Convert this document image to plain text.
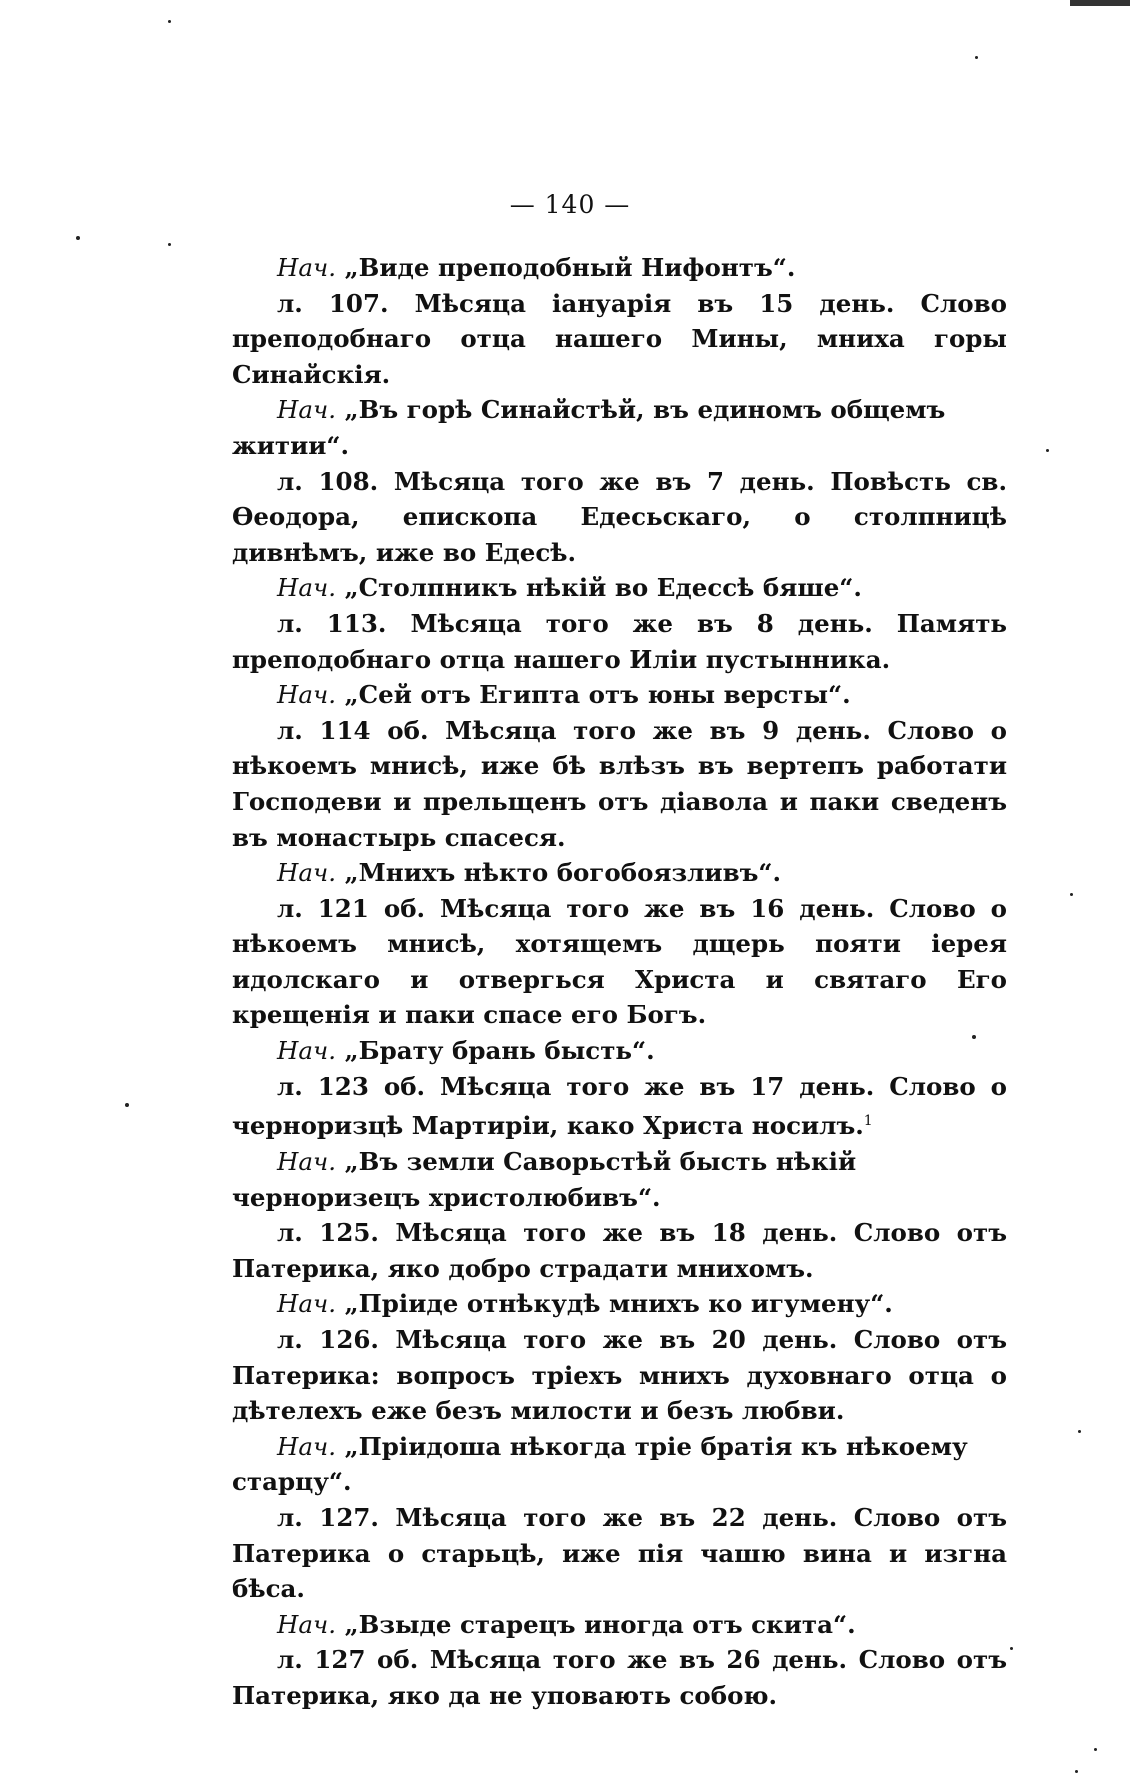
— 140 —

Нач. „Виде преподобный Нифонтъ“.

л. 107. Мѣсяца іануарія въ 15 день. Слово преподобнаго отца нашего Мины, мниха горы Синайскія.

Нач. „Въ горѣ Синайстѣй, въ единомъ общемъ житии“.

л. 108. Мѣсяца того же въ 7 день. Повѣсть св. Өеодора, епископа Едесьскаго, о столпницѣ дивнѣмъ, иже во Едесѣ.

Нач. „Столпникъ нѣкій во Едессѣ бяше“.

л. 113. Мѣсяца того же въ 8 день. Память преподобнаго отца нашего Иліи пустынника.

Нач. „Сей отъ Египта отъ юны версты“.

л. 114 об. Мѣсяца того же въ 9 день. Слово о нѣкоемъ мнисѣ, иже бѣ влѣзъ въ вертепъ работати Господеви и прельщенъ отъ діавола и паки сведенъ въ монастырь спасеся.

Нач. „Мнихъ нѣкто богобоязливъ“.

л. 121 об. Мѣсяца того же въ 16 день. Слово о нѣкоемъ мнисѣ, хотящемъ дщерь пояти іерея идолскаго и отвергься Христа и святаго Его крещенія и паки спасе его Богъ.

Нач. „Брату брань бысть“.

л. 123 об. Мѣсяца того же въ 17 день. Слово о черноризцѣ Мартиріи, како Христа носилъ.$^1$

Нач. „Въ земли Саворьстѣй бысть нѣкій черноризецъ христолюбивъ“.

л. 125. Мѣсяца того же въ 18 день. Слово отъ Патерика, яко добро страдати мнихомъ.

Нач. „Пріиде отнѣкудѣ мнихъ ко игумену“.

л. 126. Мѣсяца того же въ 20 день. Слово отъ Патерика: вопросъ тріехъ мнихъ духовнаго отца о дѣтелехъ еже безъ милости и безъ любви.

Нач. „Пріидоша нѣкогда тріе братія къ нѣкоему старцу“.

л. 127. Мѣсяца того же въ 22 день. Слово отъ Патерика о старьцѣ, иже пія чашю вина и изгна бѣса.

Нач. „Взыде старецъ иногда отъ скита“.

л. 127 об. Мѣсяца того же въ 26 день. Слово отъ Патерика, яко да не уповають собою.
